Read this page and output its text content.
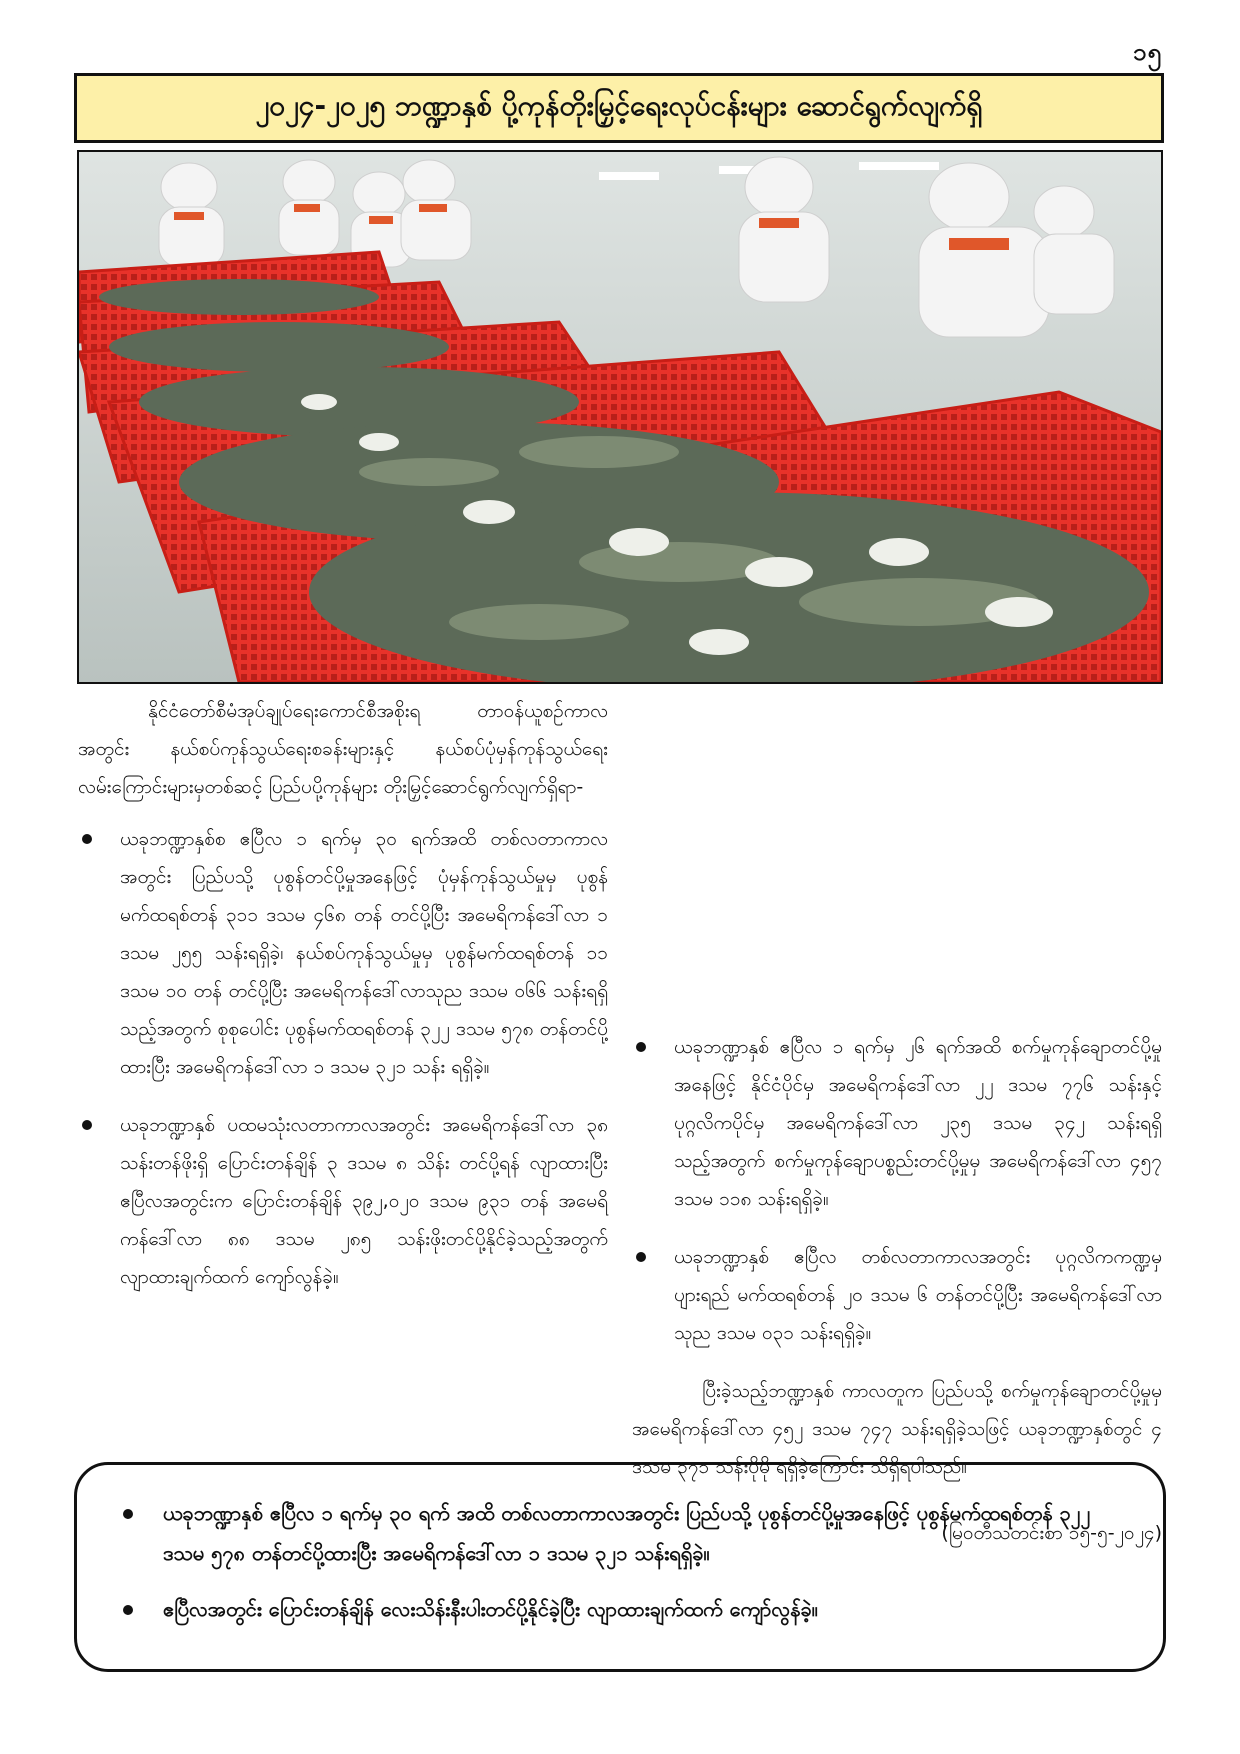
၁၅
၂၀၂၄-၂၀၂၅ ဘဏ္ဍာနှစ် ပို့ကုန်တိုးမြှင့်ရေးလုပ်ငန်းများ ဆောင်ရွက်လျက်ရှိ

နိုင်ငံတော်စီမံအုပ်ချုပ်ရေးကောင်စီအစိုးရ တာဝန်ယူစဉ်ကာလအတွင်း နယ်စပ်ကုန်သွယ်ရေးစခန်းများနှင့် နယ်စပ်ပုံမှန်ကုန်သွယ်ရေးလမ်းကြောင်းများမှတစ်ဆင့် ပြည်ပပို့ကုန်များ တိုးမြှင့်ဆောင်ရွက်လျက်ရှိရာ-

ယခုဘဏ္ဍာနှစ်စ ဧပြီလ ၁ ရက်မှ ၃၀ ရက်အထိ တစ်လတာကာလအတွင်း ပြည်ပသို့ ပုစွန်တင်ပို့မှုအနေဖြင့် ပုံမှန်ကုန်သွယ်မှုမှ ပုစွန်မက်ထရစ်တန် ၃၁၁ ဒသမ ၄၆၈ တန် တင်ပို့ပြီး အမေရိကန်ဒေါ်လာ ၁ ဒသမ ၂၅၅ သန်းရရှိခဲ့၊ နယ်စပ်ကုန်သွယ်မှုမှ ပုစွန်မက်ထရစ်တန် ၁၁ ဒသမ ၁၀ တန် တင်ပို့ပြီး အမေရိကန်ဒေါ်လာသုည ဒသမ ဝ၆၆ သန်းရရှိသည့်အတွက် စုစုပေါင်း ပုစွန်မက်ထရစ်တန် ၃၂၂ ဒသမ ၅၇၈ တန်တင်ပို့ထားပြီး အမေရိကန်ဒေါ်လာ ၁ ဒသမ ၃၂၁ သန်း ရရှိခဲ့။
ယခုဘဏ္ဍာနှစ် ပထမသုံးလတာကာလအတွင်း အမေရိကန်ဒေါ်လာ ၃၈ သန်းတန်ဖိုးရှိ ပြောင်းတန်ချိန် ၃ ဒသမ ၈ သိန်း တင်ပို့ရန် လျာထားပြီး ဧပြီလအတွင်းက ပြောင်းတန်ချိန် ၃၉၂,၀၂၀ ဒသမ ၉၃၁ တန် အမေရိကန်ဒေါ်လာ ၈၈ ဒသမ ၂၈၅ သန်းဖိုးတင်ပို့နိုင်ခဲ့သည့်အတွက် လျာထားချက်ထက် ကျော်လွန်ခဲ့။
ယခုဘဏ္ဍာနှစ် ဧပြီလ ၁ ရက်မှ ၂၆ ရက်အထိ စက်မှုကုန်ချောတင်ပို့မှုအနေဖြင့် နိုင်ငံပိုင်မှ အမေရိကန်ဒေါ်လာ ၂၂ ဒသမ ၇၇၆ သန်းနှင့် ပုဂ္ဂလိကပိုင်မှ အမေရိကန်ဒေါ်လာ ၂၃၅ ဒသမ ၃၄၂ သန်းရရှိသည့်အတွက် စက်မှုကုန်ချောပစ္စည်းတင်ပို့မှုမှ အမေရိကန်ဒေါ်လာ ၄၅၇ ဒသမ ၁၁၈ သန်းရရှိခဲ့။
ယခုဘဏ္ဍာနှစ် ဧပြီလ တစ်လတာကာလအတွင်း ပုဂ္ဂလိကကဏ္ဍမှ ပျားရည် မက်ထရစ်တန် ၂၀ ဒသမ ၆ တန်တင်ပို့ပြီး အမေရိကန်ဒေါ်လာ သုည ဒသမ ဝ၃၁ သန်းရရှိခဲ့။

ပြီးခဲ့သည့်ဘဏ္ဍာနှစ် ကာလတူက ပြည်ပသို့ စက်မှုကုန်ချောတင်ပို့မှုမှ အမေရိကန်ဒေါ်လာ ၄၅၂ ဒသမ ၇၄၇ သန်းရရှိခဲ့သဖြင့် ယခုဘဏ္ဍာနှစ်တွင် ၄ ဒသမ ၃၇၁ သန်းပိုမို ရရှိခဲ့ကြောင်း သိရှိရပါသည်။

(မြဝတီသတင်းစာ ၁၅-၅-၂၀၂၄)
ယခုဘဏ္ဍာနှစ် ဧပြီလ ၁ ရက်မှ ၃၀ ရက် အထိ တစ်လတာကာလအတွင်း ပြည်ပသို့ ပုစွန်တင်ပို့မှုအနေဖြင့် ပုစွန်မက်ထရစ်တန် ၃၂၂ ဒသမ ၅၇၈ တန်တင်ပို့ထားပြီး အမေရိကန်ဒေါ်လာ ၁ ဒသမ ၃၂၁ သန်းရရှိခဲ့။
ဧပြီလအတွင်း ပြောင်းတန်ချိန် လေးသိန်းနီးပါးတင်ပို့နိုင်ခဲ့ပြီး လျာထားချက်ထက် ကျော်လွန်ခဲ့။
